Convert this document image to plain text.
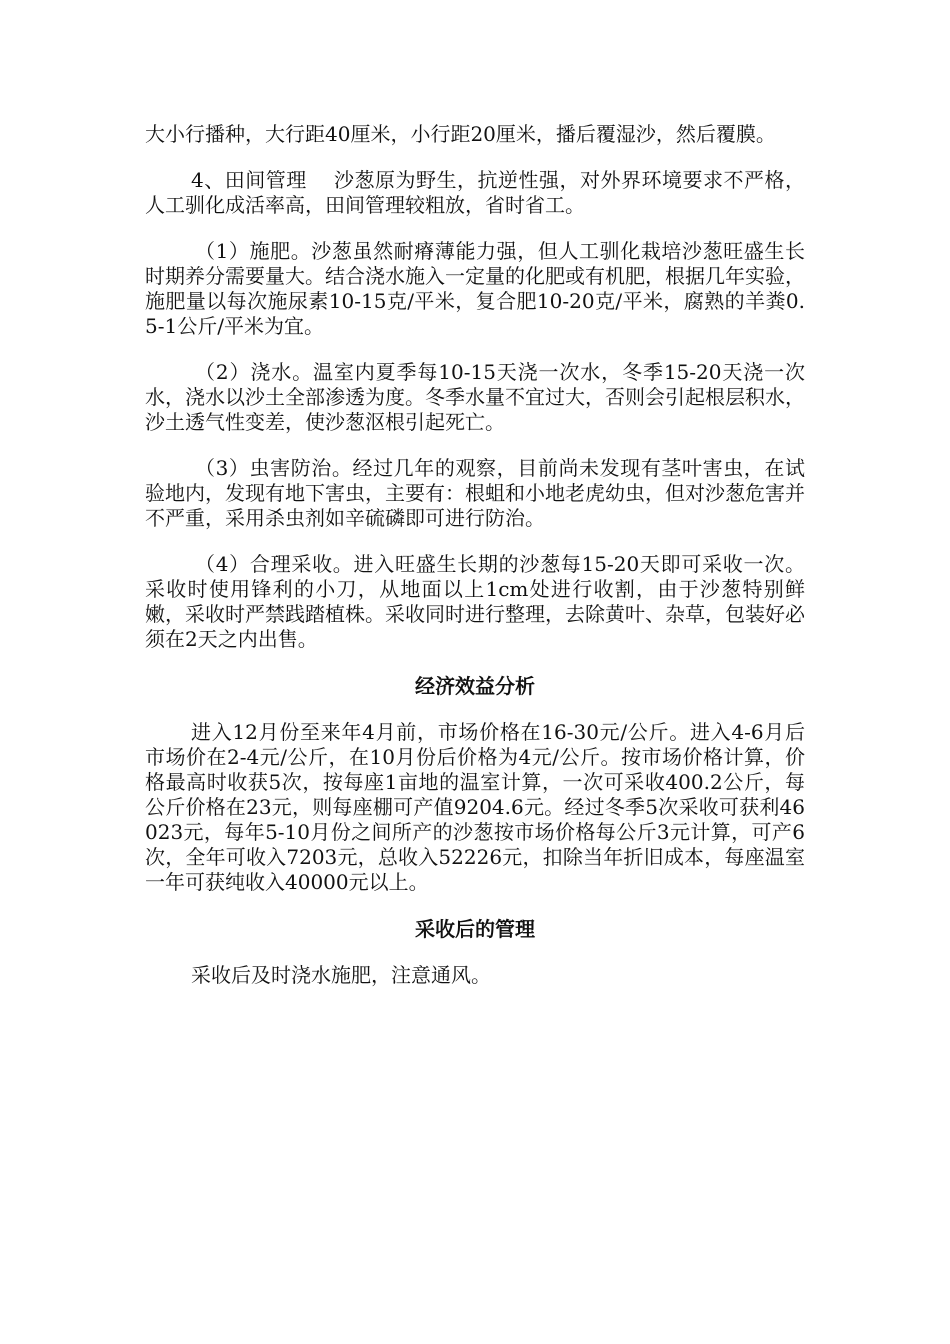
大小行播种，大行距40厘米，小行距20厘米，播后覆湿沙，然后覆膜。

4、田间管理　 沙葱原为野生，抗逆性强，对外界环境要求不严格，人工驯化成活率高，田间管理较粗放，省时省工。

（1）施肥。沙葱虽然耐瘠薄能力强，但人工驯化栽培沙葱旺盛生长时期养分需要量大。结合浇水施入一定量的化肥或有机肥，根据几年实验，施肥量以每次施尿素10-15克/平米，复合肥10-20克/平米，腐熟的羊粪0.5-1公斤/平米为宜。

（2）浇水。温室内夏季每10-15天浇一次水，冬季15-20天浇一次水，浇水以沙土全部渗透为度。冬季水量不宜过大，否则会引起根层积水，沙土透气性变差，使沙葱沤根引起死亡。

（3）虫害防治。经过几年的观察，目前尚未发现有茎叶害虫，在试验地内，发现有地下害虫，主要有：根蛆和小地老虎幼虫，但对沙葱危害并不严重，采用杀虫剂如辛硫磷即可进行防治。

（4）合理采收。进入旺盛生长期的沙葱每15-20天即可采收一次。采收时使用锋利的小刀，从地面以上1cm处进行收割，由于沙葱特别鲜嫩，采收时严禁践踏植株。采收同时进行整理，去除黄叶、杂草，包装好必须在2天之内出售。

经济效益分析

进入12月份至来年4月前，市场价格在16-30元/公斤。进入4-6月后市场价在2-4元/公斤，在10月份后价格为4元/公斤。按市场价格计算，价格最高时收获5次，按每座1亩地的温室计算，一次可采收400.2公斤，每公斤价格在23元，则每座棚可产值9204.6元。经过冬季5次采收可获利46023元，每年5-10月份之间所产的沙葱按市场价格每公斤3元计算，可产6次，全年可收入7203元，总收入52226元，扣除当年折旧成本，每座温室一年可获纯收入40000元以上。

采收后的管理

采收后及时浇水施肥，注意通风。
